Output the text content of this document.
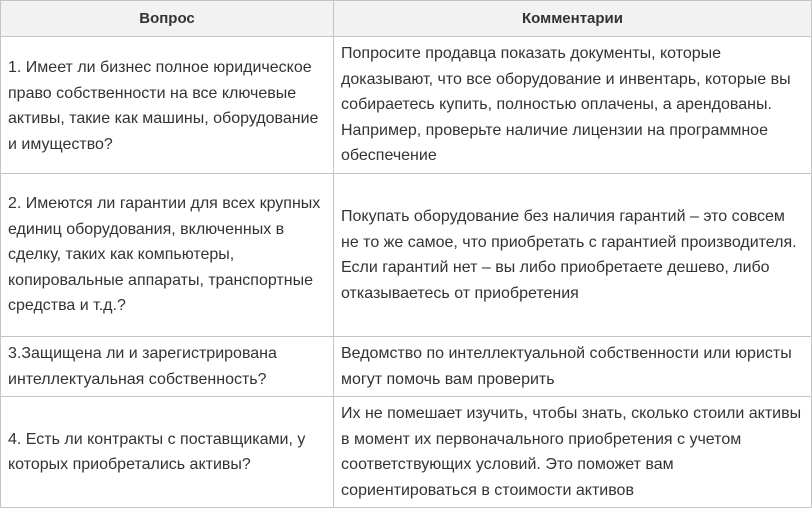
Вопрос	Комментарии

1. Имеет ли бизнес полное юридическое право собственности на все ключевые активы, такие как машины, оборудование и имущество?	Попросите продавца показать документы, которые доказывают, что все оборудование и инвентарь, которые вы собираетесь купить, полностью оплачены, а арендованы. Например, проверьте наличие лицензии на программное обеспечение

2. Имеются ли гарантии для всех крупных единиц оборудования, включенных в сделку, таких как компьютеры, копировальные аппараты, транспортные средства и т.д.?	Покупать оборудование без наличия гарантий – это совсем не то же самое, что приобретать с гарантией производителя. Если гарантий нет – вы либо приобретаете дешево, либо отказываетесь от приобретения

3.Защищена ли и зарегистрирована интеллектуальная собственность?	Ведомство по интеллектуальной собственности или юристы могут помочь вам проверить

4. Есть ли контракты с поставщиками, у которых приобретались активы?	Их не помешает изучить, чтобы знать, сколько стоили активы в момент их первоначального приобретения с учетом соответствующих условий. Это поможет вам сориентироваться в стоимости активов
